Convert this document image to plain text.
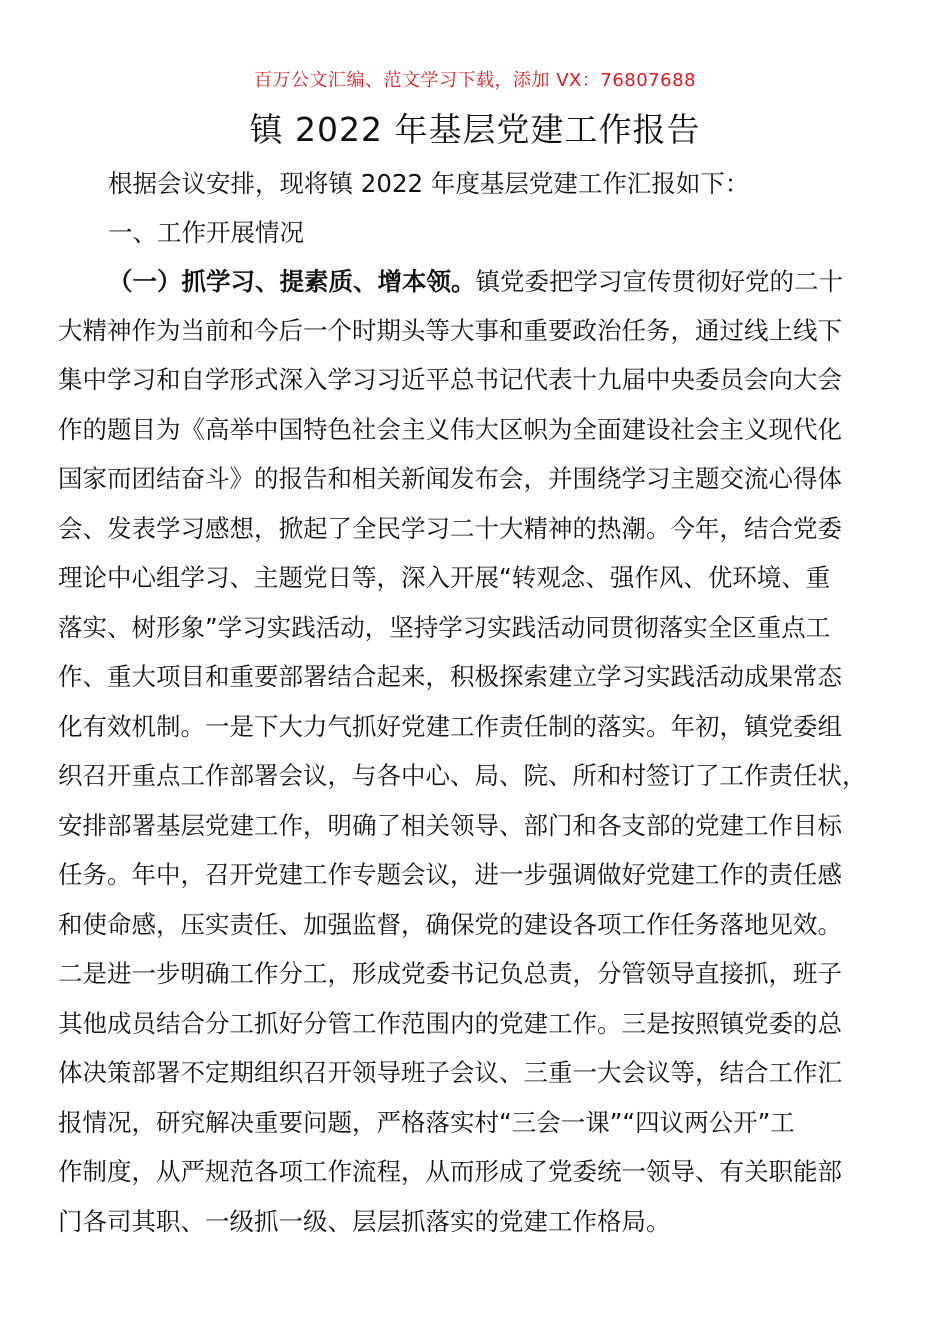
百万公文汇编、范文学习下载，添加 VX：76807688
镇 2022 年基层党建工作报告
根据会议安排，现将镇 2022 年度基层党建工作汇报如下：
一、工作开展情况
（一）抓学习、提素质、增本领。镇党委把学习宣传贯彻好党的二十
大精神作为当前和今后一个时期头等大事和重要政治任务，通过线上线下
集中学习和自学形式深入学习习近平总书记代表十九届中央委员会向大会
作的题目为《高举中国特色社会主义伟大区帜为全面建设社会主义现代化
国家而团结奋斗》的报告和相关新闻发布会，并围绕学习主题交流心得体
会、发表学习感想，掀起了全民学习二十大精神的热潮。今年，结合党委
理论中心组学习、主题党日等，深入开展“转观念、强作风、优环境、重
落实、树形象”学习实践活动，坚持学习实践活动同贯彻落实全区重点工
作、重大项目和重要部署结合起来，积极探索建立学习实践活动成果常态
化有效机制。一是下大力气抓好党建工作责任制的落实。年初，镇党委组
织召开重点工作部署会议，与各中心、局、院、所和村签订了工作责任状，
安排部署基层党建工作，明确了相关领导、部门和各支部的党建工作目标
任务。年中，召开党建工作专题会议，进一步强调做好党建工作的责任感
和使命感，压实责任、加强监督，确保党的建设各项工作任务落地见效。
二是进一步明确工作分工，形成党委书记负总责，分管领导直接抓，班子
其他成员结合分工抓好分管工作范围内的党建工作。三是按照镇党委的总
体决策部署不定期组织召开领导班子会议、三重一大会议等，结合工作汇
报情况，研究解决重要问题，严格落实村“三会一课”“四议两公开”工
作制度，从严规范各项工作流程，从而形成了党委统一领导、有关职能部
门各司其职、一级抓一级、层层抓落实的党建工作格局。
